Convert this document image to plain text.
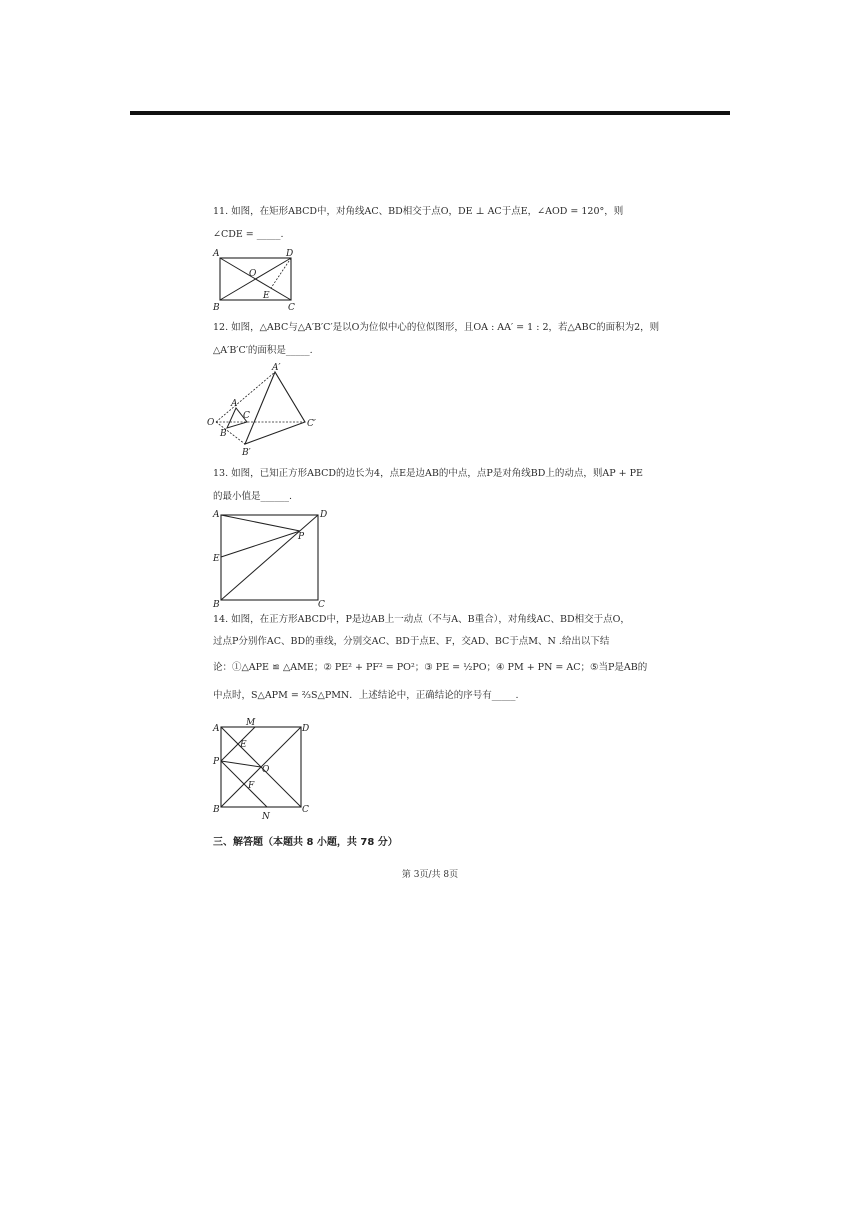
11. 如图，在矩形ABCD中，对角线AC、BD相交于点O，DE ⊥ AC于点E，∠AOD = 120°，则
∠CDE = _____.
A	D
B	C
O
E
12. 如图，△ABC与△A′B′C′是以O为位似中心的位似图形，且OA : AA′ = 1 : 2，若△ABC的面积为2，则
△A′B′C′的面积是_____.
A′
A
C
C′
O
B
B′
13. 如图，已知正方形ABCD的边长为4，点E是边AB的中点，点P是对角线BD上的动点，则AP + PE
的最小值是______.
A	D
P
E
B	C
14. 如图，在正方形ABCD中，P是边AB上一动点（不与A、B重合），对角线AC、BD相交于点O，
过点P分别作AC、BD的垂线，分别交AC、BD于点E、F，交AD、BC于点M、N .给出以下结
论：①△APE ≌ △AME；② PE² + PF² = PO²；③ PE = ½PO；④ PM + PN = AC；⑤当P是AB的
中点时，S△APM = ⅔S△PMN．上述结论中，正确结论的序号有_____.
A
M
D
E
P
O
F
B
N
C
三、解答题（本题共 8 小题，共 78 分）
第 3页/共 8页
